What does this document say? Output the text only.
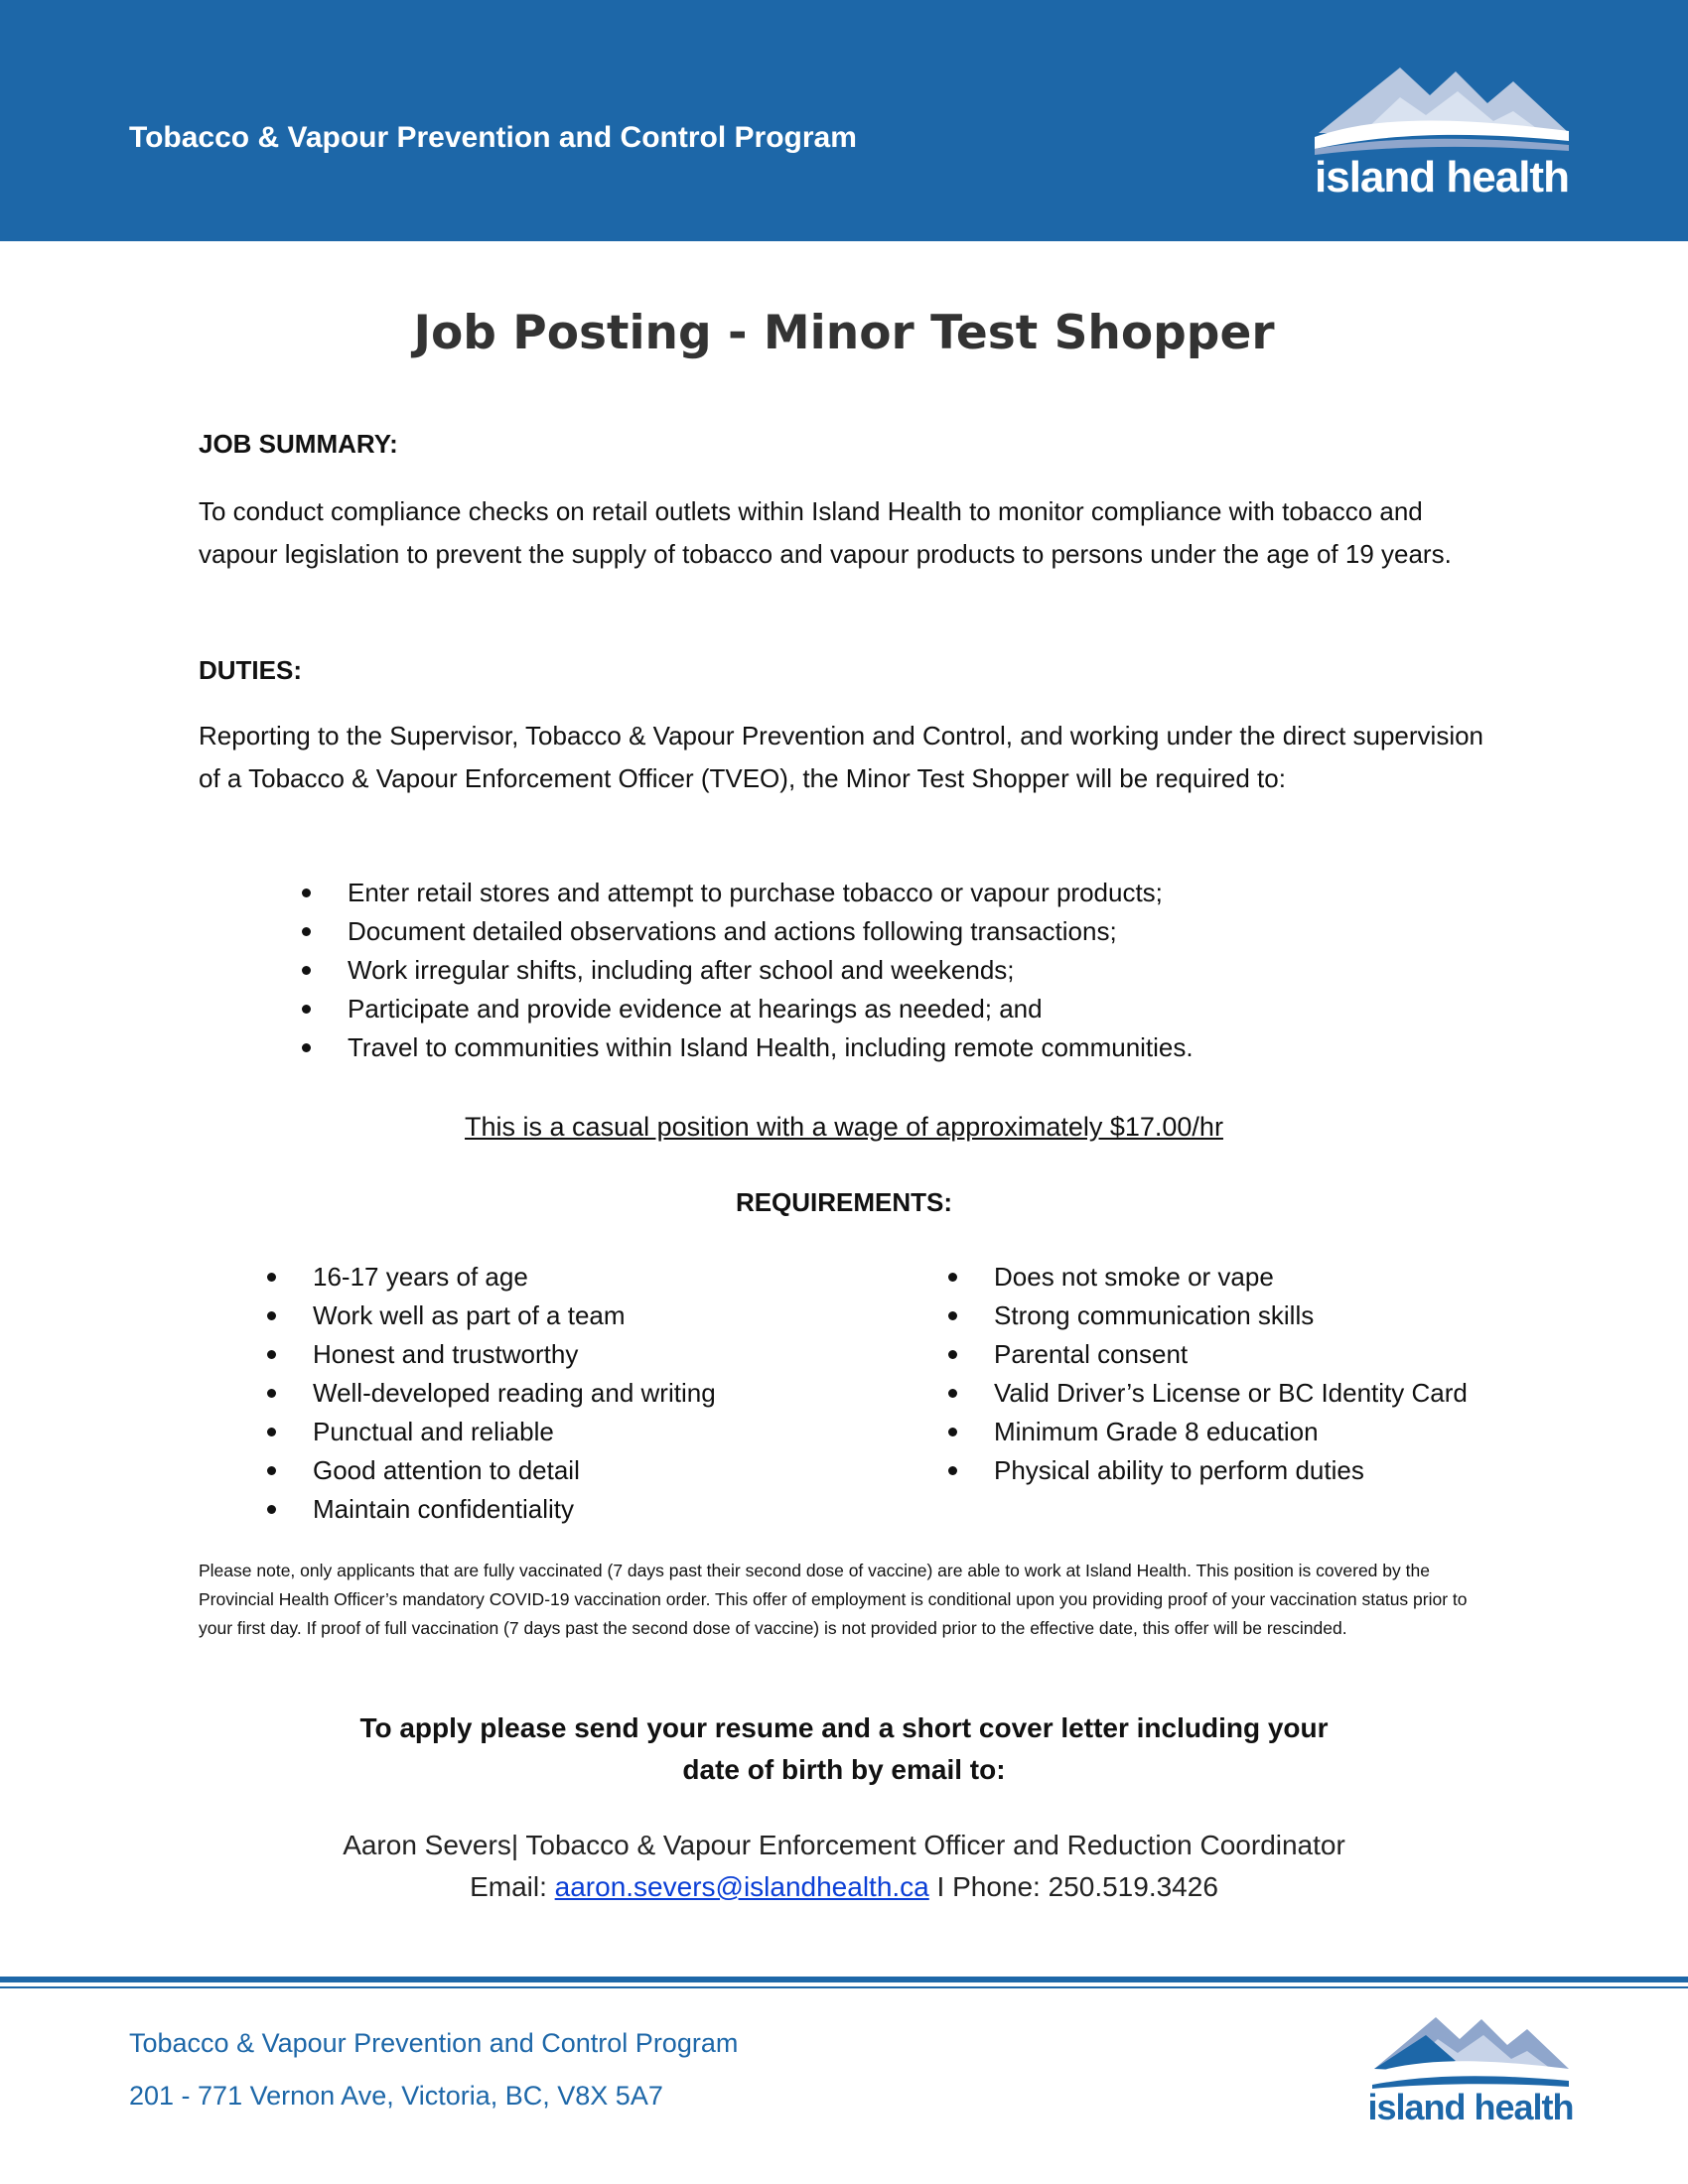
Tobacco & Vapour Prevention and Control Program
island health
Job Posting - Minor Test Shopper
JOB SUMMARY:
To conduct compliance checks on retail outlets within Island Health to monitor compliance with tobacco and vapour legislation to prevent the supply of tobacco and vapour products to persons under the age of 19 years.
DUTIES:
Reporting to the Supervisor, Tobacco & Vapour Prevention and Control, and working under the direct supervision of a Tobacco & Vapour Enforcement Officer (TVEO), the Minor Test Shopper will be required to:
Enter retail stores and attempt to purchase tobacco or vapour products;
Document detailed observations and actions following transactions;
Work irregular shifts, including after school and weekends;
Participate and provide evidence at hearings as needed; and
Travel to communities within Island Health, including remote communities.
This is a casual position with a wage of approximately $17.00/hr
REQUIREMENTS:
16-17 years of age
Work well as part of a team
Honest and trustworthy
Well-developed reading and writing
Punctual and reliable
Good attention to detail
Maintain confidentiality
Does not smoke or vape
Strong communication skills
Parental consent
Valid Driver’s License or BC Identity Card
Minimum Grade 8 education
Physical ability to perform duties
Please note, only applicants that are fully vaccinated (7 days past their second dose of vaccine) are able to work at Island Health. This position is covered by the Provincial Health Officer’s mandatory COVID-19 vaccination order. This offer of employment is conditional upon you providing proof of your vaccination status prior to your first day. If proof of full vaccination (7 days past the second dose of vaccine) is not provided prior to the effective date, this offer will be rescinded.
To apply please send your resume and a short cover letter including your
date of birth by email to:
Aaron Severs| Tobacco & Vapour Enforcement Officer and Reduction Coordinator
Email: aaron.severs@islandhealth.ca I Phone: 250.519.3426
Tobacco & Vapour Prevention and Control Program
201 - 771 Vernon Ave, Victoria, BC, V8X 5A7	island health
